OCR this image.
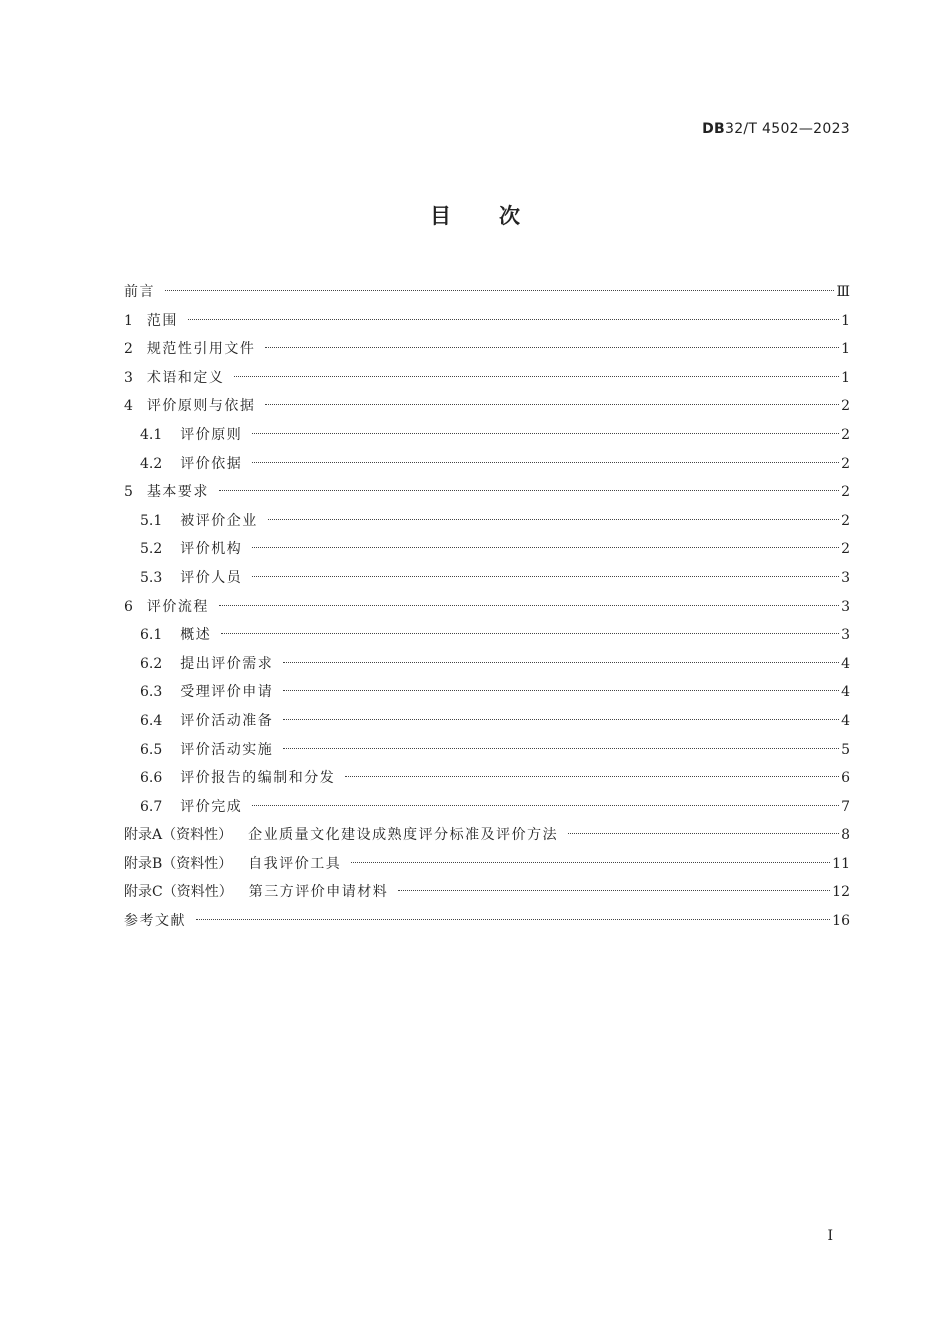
DB32/T 4502—2023
目次
前言	Ⅲ
1 范围	1
2 规范性引用文件	1
3 术语和定义	1
4 评价原则与依据	2
4.1 评价原则	2
4.2 评价依据	2
5 基本要求	2
5.1 被评价企业	2
5.2 评价机构	2
5.3 评价人员	3
6 评价流程	3
6.1 概述	3
6.2 提出评价需求	4
6.3 受理评价申请	4
6.4 评价活动准备	4
6.5 评价活动实施	5
6.6 评价报告的编制和分发	6
6.7 评价完成	7
附录A（资料性） 企业质量文化建设成熟度评分标准及评价方法	8
附录B（资料性） 自我评价工具	11
附录C（资料性） 第三方评价申请材料	12
参考文献	16
I
